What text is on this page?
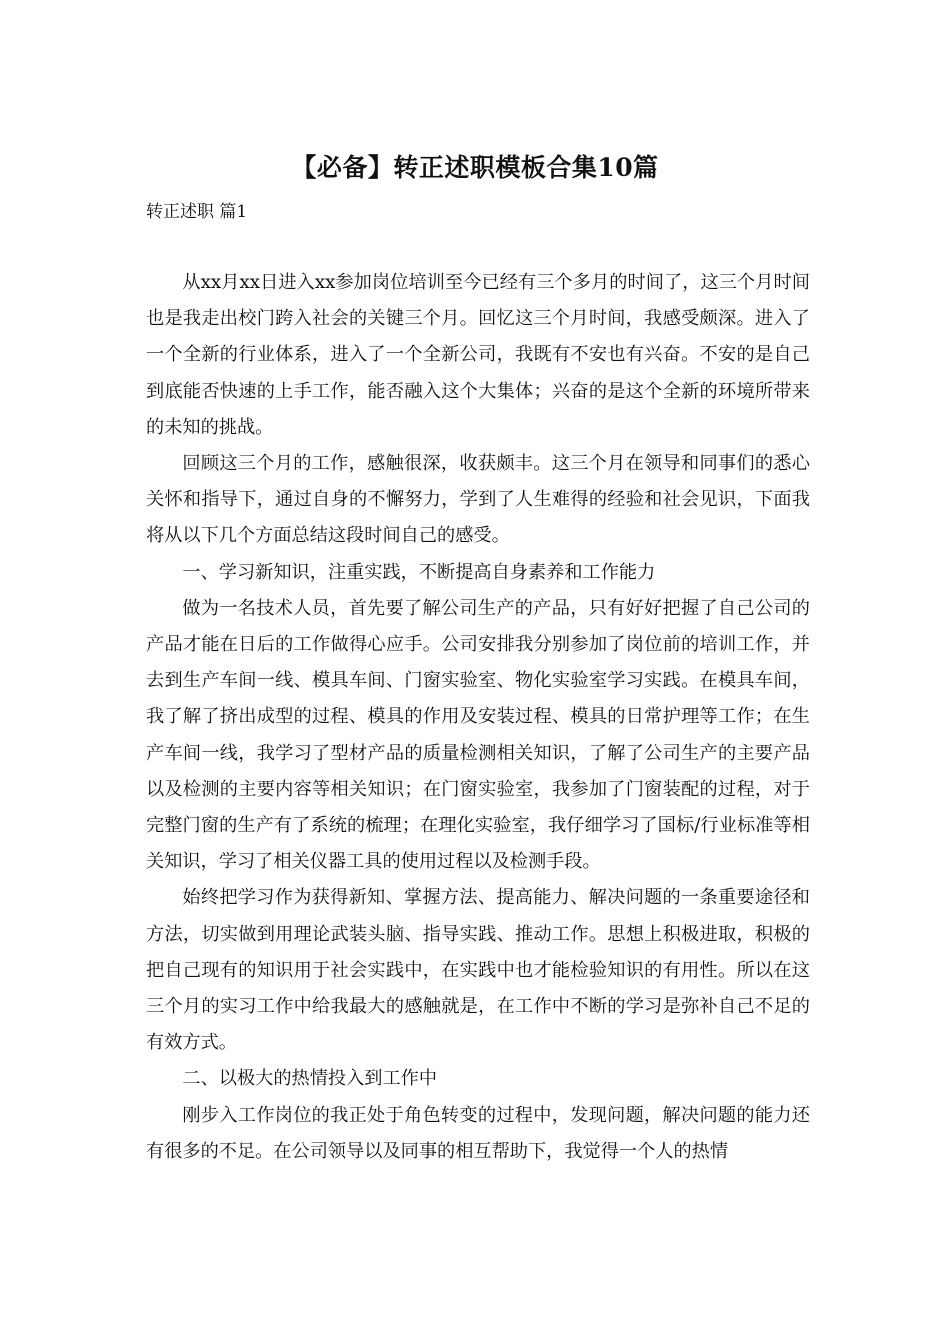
【必备】转正述职模板合集10篇

转正述职 篇1

从xx月xx日进入xx参加岗位培训至今已经有三个多月的时间了，这三个月时间也是我走出校门跨入社会的关键三个月。回忆这三个月时间，我感受颇深。进入了一个全新的行业体系，进入了一个全新公司，我既有不安也有兴奋。不安的是自己到底能否快速的上手工作，能否融入这个大集体；兴奋的是这个全新的环境所带来的未知的挑战。

回顾这三个月的工作，感触很深，收获颇丰。这三个月在领导和同事们的悉心关怀和指导下，通过自身的不懈努力，学到了人生难得的经验和社会见识，下面我将从以下几个方面总结这段时间自己的感受。

一、学习新知识，注重实践，不断提高自身素养和工作能力

做为一名技术人员，首先要了解公司生产的产品，只有好好把握了自己公司的产品才能在日后的工作做得心应手。公司安排我分别参加了岗位前的培训工作，并去到生产车间一线、模具车间、门窗实验室、物化实验室学习实践。在模具车间，我了解了挤出成型的过程、模具的作用及安装过程、模具的日常护理等工作；在生产车间一线，我学习了型材产品的质量检测相关知识，了解了公司生产的主要产品以及检测的主要内容等相关知识；在门窗实验室，我参加了门窗装配的过程，对于完整门窗的生产有了系统的梳理；在理化实验室，我仔细学习了国标/行业标准等相关知识，学习了相关仪器工具的使用过程以及检测手段。

始终把学习作为获得新知、掌握方法、提高能力、解决问题的一条重要途径和方法，切实做到用理论武装头脑、指导实践、推动工作。思想上积极进取，积极的把自己现有的知识用于社会实践中，在实践中也才能检验知识的有用性。所以在这三个月的实习工作中给我最大的感触就是，在工作中不断的学习是弥补自己不足的有效方式。

二、以极大的热情投入到工作中

刚步入工作岗位的我正处于角色转变的过程中，发现问题，解决问题的能力还有很多的不足。在公司领导以及同事的相互帮助下，我觉得一个人的热情
